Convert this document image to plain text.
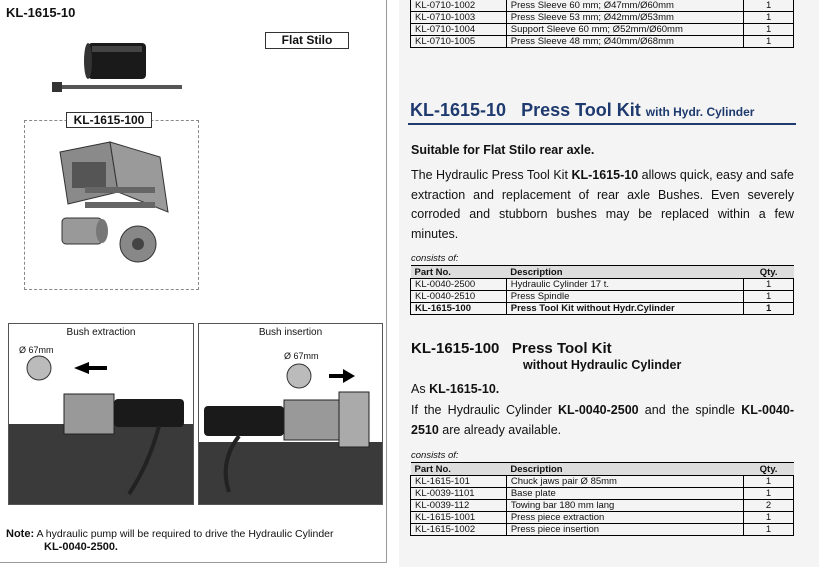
KL-1615-10
Flat Stilo
KL-1615-100
Bush extraction
Ø 67mm
Bush insertion
Ø 67mm
Note: A hydraulic pump will be required to drive the Hydraulic Cylinder
KL-0040-2500.
KL-0710-1002	Press Sleeve 60 mm; Ø47mm/Ø60mm	1
KL-0710-1003	Press Sleeve 53 mm; Ø42mm/Ø53mm	1
KL-0710-1004	Support Sleeve 60 mm; Ø52mm/Ø60mm	1
KL-0710-1005	Press Sleeve 48 mm; Ø40mm/Ø68mm	1
KL-1615-10 Press Tool Kit with Hydr. Cylinder
Suitable for Flat Stilo rear axle.
The Hydraulic Press Tool Kit KL-1615-10 allows quick, easy and safe extraction and replacement of rear axle Bushes. Even severely corroded and stubborn bushes may be replaced within a few minutes.
consists of:
Part No.	Description	Qty.
KL-0040-2500	Hydraulic Cylinder 17 t.	1
KL-0040-2510	Press Spindle	1
KL-1615-100	Press Tool Kit without Hydr.Cylinder	1
KL-1615-100 Press Tool Kit
without Hydraulic Cylinder
As KL-1615-10.
If the Hydraulic Cylinder KL-0040-2500 and the spindle KL-0040-2510 are already available.
consists of:
Part No.	Description	Qty.
KL-1615-101	Chuck jaws pair Ø 85mm	1
KL-0039-1101	Base plate	1
KL-0039-112	Towing bar 180 mm lang	2
KL-1615-1001	Press piece extraction	1
KL-1615-1002	Press piece insertion	1
